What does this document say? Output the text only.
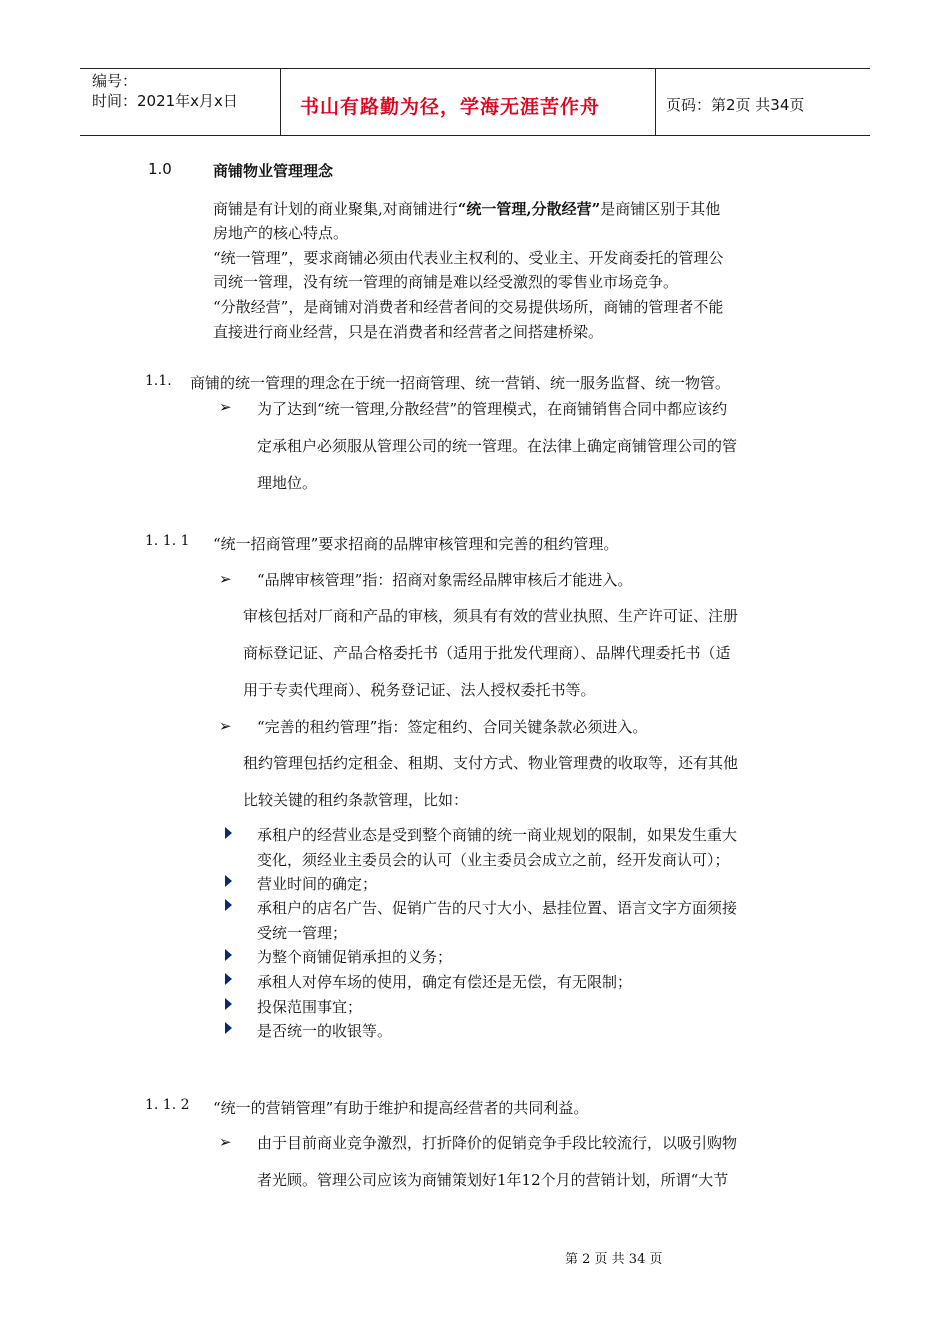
编号：
时间：2021年x月x日	书山有路勤为径，学海无涯苦作舟	页码：第2页 共34页
1.0	商铺物业管理理念
商铺是有计划的商业聚集,对商铺进行“统一管理,分散经营”是商铺区别于其他
房地产的核心特点。
“统一管理”，要求商铺必须由代表业主权利的、受业主、开发商委托的管理公
司统一管理，没有统一管理的商铺是难以经受激烈的零售业市场竞争。
“分散经营”，是商铺对消费者和经营者间的交易提供场所，商铺的管理者不能
直接进行商业经营，只是在消费者和经营者之间搭建桥梁。
1.1. 商铺的统一管理的理念在于统一招商管理、统一营销、统一服务监督、统一物管。
➢ 为了达到“统一管理,分散经营”的管理模式，在商铺销售合同中都应该约
定承租户必须服从管理公司的统一管理。在法律上确定商铺管理公司的管
理地位。
1. 1. 1 “统一招商管理”要求招商的品牌审核管理和完善的租约管理。
➢ “品牌审核管理”指：招商对象需经品牌审核后才能进入。
审核包括对厂商和产品的审核，须具有有效的营业执照、生产许可证、注册
商标登记证、产品合格委托书（适用于批发代理商）、品牌代理委托书（适
用于专卖代理商）、税务登记证、法人授权委托书等。
➢ “完善的租约管理”指：签定租约、合同关键条款必须进入。
租约管理包括约定租金、租期、支付方式、物业管理费的收取等，还有其他
比较关键的租约条款管理，比如：
承租户的经营业态是受到整个商铺的统一商业规划的限制，如果发生重大
变化，须经业主委员会的认可（业主委员会成立之前，经开发商认可）；
营业时间的确定；
承租户的店名广告、促销广告的尺寸大小、悬挂位置、语言文字方面须接
受统一管理；
为整个商铺促销承担的义务；
承租人对停车场的使用，确定有偿还是无偿，有无限制；
投保范围事宜；
是否统一的收银等。
1. 1. 2 “统一的营销管理”有助于维护和提高经营者的共同利益。
➢ 由于目前商业竞争激烈，打折降价的促销竞争手段比较流行，以吸引购物
者光顾。管理公司应该为商铺策划好1年12个月的营销计划，所谓“大节
第 2 页 共 34 页
